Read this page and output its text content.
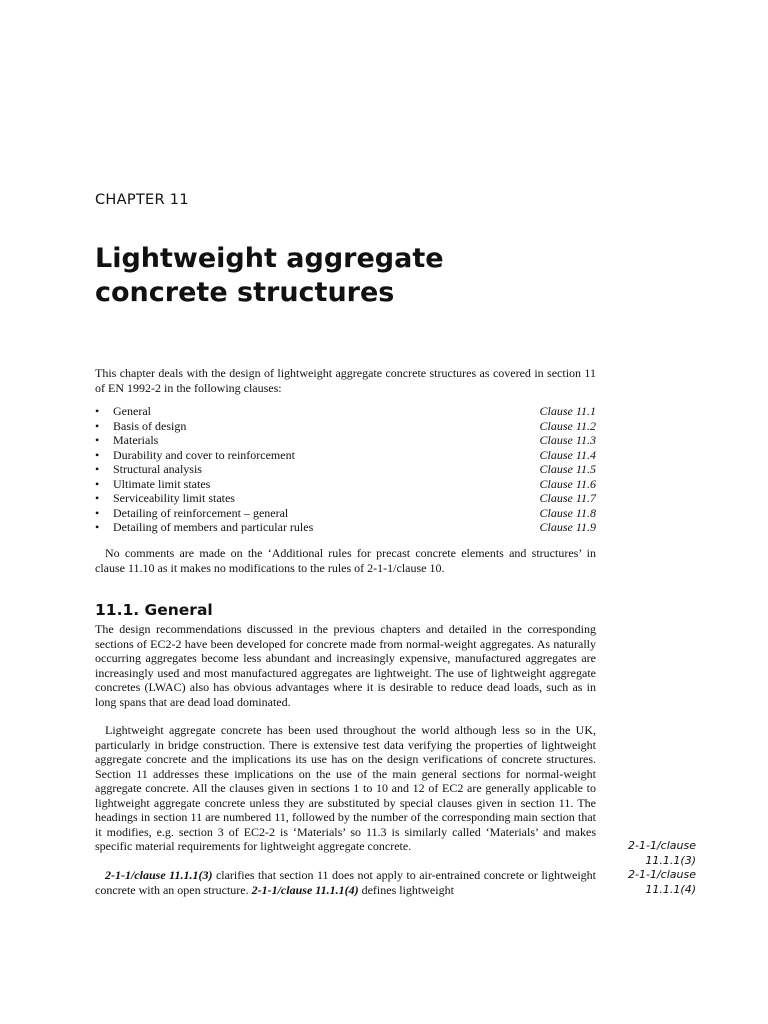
CHAPTER 11
Lightweight aggregate
concrete structures
This chapter deals with the design of lightweight aggregate concrete structures as covered in section 11 of EN 1992-2 in the following clauses:
•	General	Clause 11.1
•	Basis of design	Clause 11.2
•	Materials	Clause 11.3
•	Durability and cover to reinforcement	Clause 11.4
•	Structural analysis	Clause 11.5
•	Ultimate limit states	Clause 11.6
•	Serviceability limit states	Clause 11.7
•	Detailing of reinforcement – general	Clause 11.8
•	Detailing of members and particular rules	Clause 11.9
No comments are made on the ‘Additional rules for precast concrete elements and structures’ in clause 11.10 as it makes no modifications to the rules of 2-1-1/clause 10.
11.1. General

The design recommendations discussed in the previous chapters and detailed in the corresponding sections of EC2-2 have been developed for concrete made from normal-weight aggregates. As naturally occurring aggregates become less abundant and increasingly expensive, manufactured aggregates are increasingly used and most manufactured aggregates are lightweight. The use of lightweight aggregate concretes (LWAC) also has obvious advantages where it is desirable to reduce dead loads, such as in long spans that are dead load dominated.

Lightweight aggregate concrete has been used throughout the world although less so in the UK, particularly in bridge construction. There is extensive test data verifying the properties of lightweight aggregate concrete and the implications its use has on the design verifications of concrete structures. Section 11 addresses these implications on the use of the main general sections for normal-weight aggregate concrete. All the clauses given in sections 1 to 10 and 12 of EC2 are generally applicable to lightweight aggregate concrete unless they are substituted by special clauses given in section 11. The headings in section 11 are numbered 11, followed by the number of the corresponding main section that it modifies, e.g. section 3 of EC2-2 is ‘Materials’ so 11.3 is similarly called ‘Materials’ and makes specific material requirements for lightweight aggregate concrete.

2-1-1/clause 11.1.1(3) clarifies that section 11 does not apply to air-entrained concrete or lightweight concrete with an open structure. 2-1-1/clause 11.1.1(4) defines lightweight

2-1-1/clause
11.1.1(3)
2-1-1/clause
11.1.1(4)
